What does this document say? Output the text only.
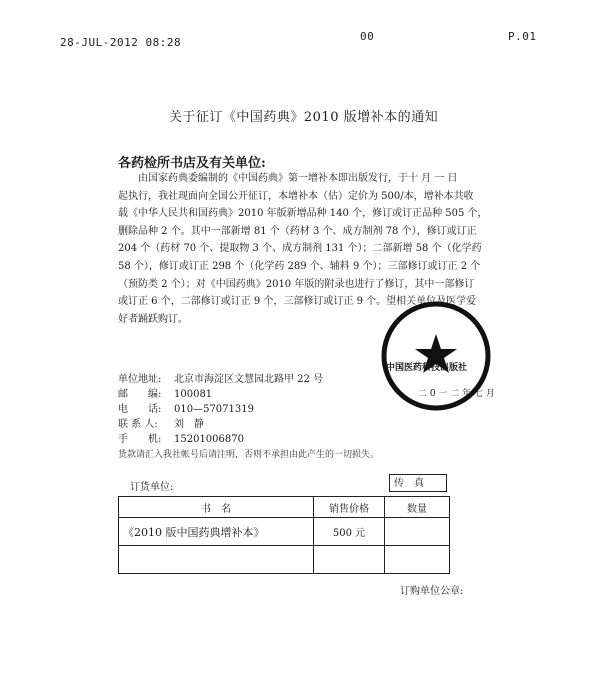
28-JUL-2012 08:28	00	P.01
关于征订《中国药典》2010 版增补本的通知
各药检所书店及有关单位:
由国家药典委编制的《中国药典》第一增补本即出版发行，于十 月 一 日
起执行，我社现面向全国公开征订，本增补本（估）定价为 500/本，增补本共收
载《中华人民共和国药典》2010 年版新增品种 140 个，修订或订正品种 505 个，
删除品种 2 个。其中一部新增 81 个（药材 3 个、成方制剂 78 个），修订或订正
204 个（药材 70 个、提取物 3 个、成方制剂 131 个）；二部新增 58 个（化学药
58 个），修订或订正 298 个（化学药 289 个、辅料 9 个）；三部修订或订正 2 个
（预防类 2 个）；对《中国药典》2010 年版的附录也进行了修订，其中一部修订
或订正 6 个，二部修订或订正 9 个，三部修订或订正 9 个。望相关单位及医学爱
好者踊跃购订。
中国医药科技出版社
二 0 一 二 年 七 月
单位地址: 北京市海淀区文慧园北路甲 22 号
邮　　编: 100081
电　　话: 010—57071319
联 系 人: 刘　静
手　　机: 15201006870
货款请汇入我社帐号后请注明，否则不承担由此产生的一切损失。
订货单位:	传　真
书　名	销售价格	数量
《2010 版中国药典增补本》	500 元	

订购单位公章:
